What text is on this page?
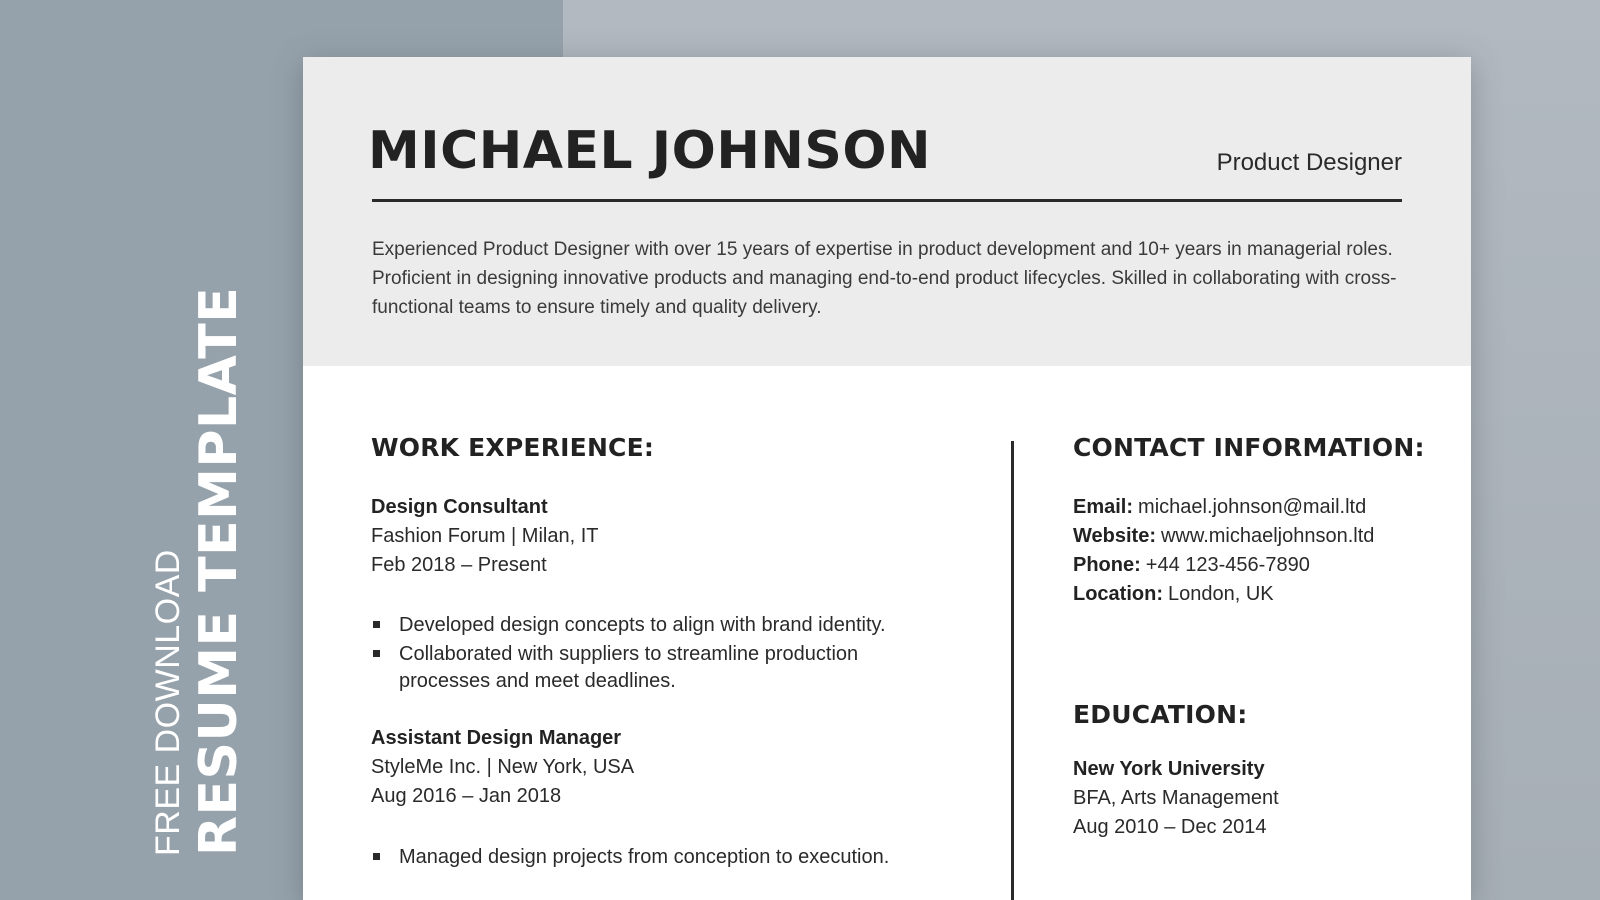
FREE DOWNLOAD RESUME TEMPLATE
MICHAEL JOHNSON	Product Designer
Experienced Product Designer with over 15 years of expertise in product development and 10+ years in managerial roles. Proficient in designing innovative products and managing end-to-end product lifecycles. Skilled in collaborating with cross-functional teams to ensure timely and quality delivery.
WORK EXPERIENCE:
Design Consultant
Fashion Forum | Milan, IT
Feb 2018 – Present
Developed design concepts to align with brand identity.
Collaborated with suppliers to streamline production processes and meet deadlines.
Assistant Design Manager
StyleMe Inc. | New York, USA
Aug 2016 – Jan 2018
Managed design projects from conception to execution.
CONTACT INFORMATION:
Email: michael.johnson@mail.ltd
Website: www.michaeljohnson.ltd
Phone: +44 123-456-7890
Location: London, UK
EDUCATION:
New York University
BFA, Arts Management
Aug 2010 – Dec 2014
